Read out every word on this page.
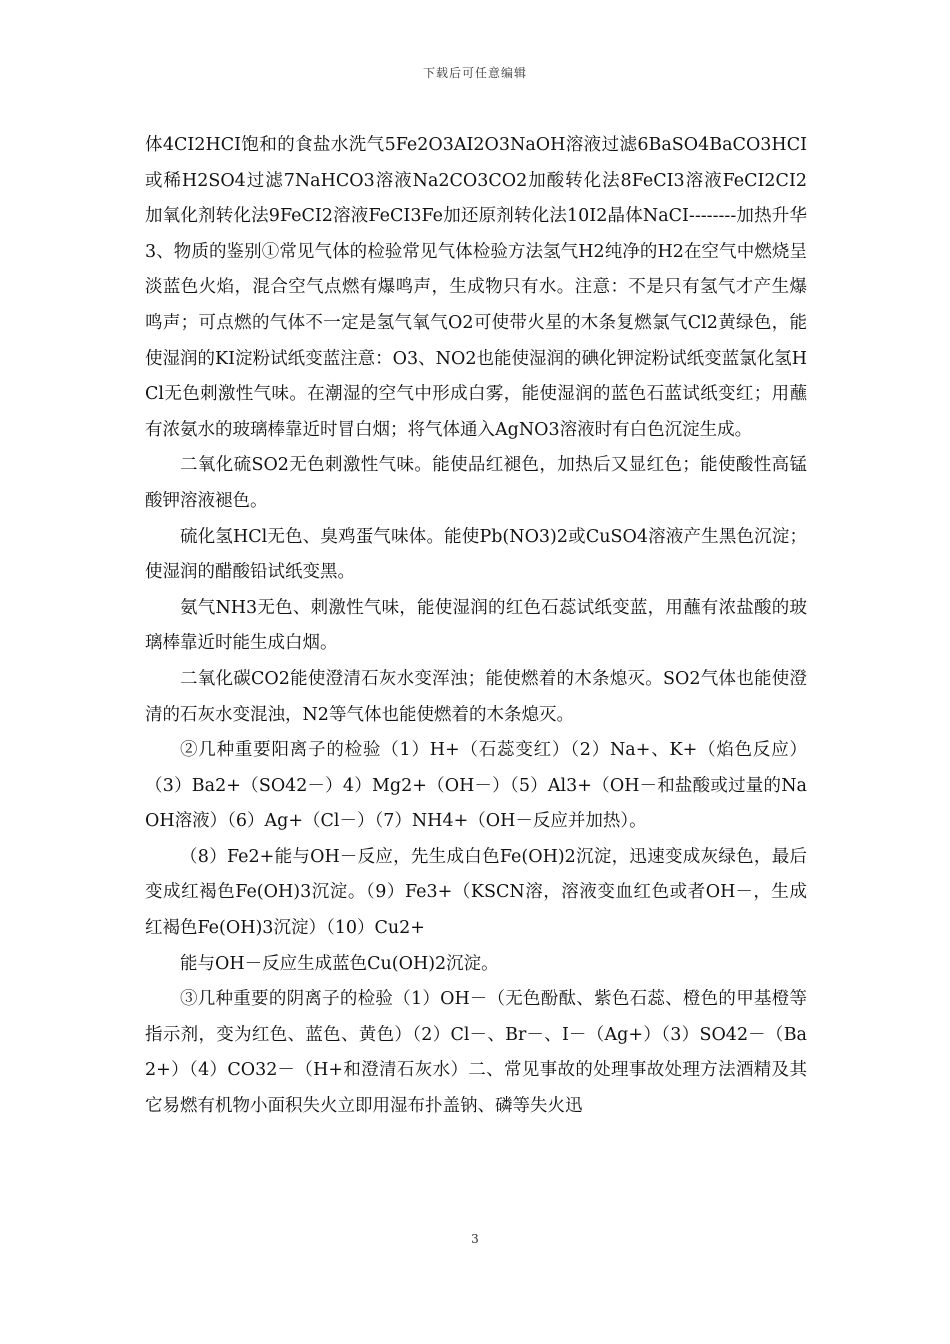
下载后可任意编辑

体4CI2HCI饱和的食盐水洗气5Fe2O3AI2O3NaOH溶液过滤6BaSO4BaCO3HCI或稀H2SO4过滤7NaHCO3溶液Na2CO3CO2加酸转化法8FeCI3溶液FeCI2CI2加氧化剂转化法9FeCI2溶液FeCI3Fe加还原剂转化法10I2晶体NaCI--------加热升华3、物质的鉴别①常见气体的检验常见气体检验方法氢气H2纯净的H2在空气中燃烧呈淡蓝色火焰，混合空气点燃有爆鸣声，生成物只有水。注意：不是只有氢气才产生爆鸣声；可点燃的气体不一定是氢气氧气O2可使带火星的木条复燃氯气Cl2黄绿色，能使湿润的KI淀粉试纸变蓝注意：O3、NO2也能使湿润的碘化钾淀粉试纸变蓝氯化氢HCl无色刺激性气味。在潮湿的空气中形成白雾，能使湿润的蓝色石蓝试纸变红；用蘸有浓氨水的玻璃棒靠近时冒白烟；将气体通入AgNO3溶液时有白色沉淀生成。

二氧化硫SO2无色刺激性气味。能使品红褪色，加热后又显红色；能使酸性高锰酸钾溶液褪色。

硫化氢HCl无色、臭鸡蛋气味体。能使Pb(NO3)2或CuSO4溶液产生黑色沉淀；使湿润的醋酸铅试纸变黑。

氨气NH3无色、刺激性气味，能使湿润的红色石蕊试纸变蓝，用蘸有浓盐酸的玻璃棒靠近时能生成白烟。

二氧化碳CO2能使澄清石灰水变浑浊；能使燃着的木条熄灭。SO2气体也能使澄清的石灰水变混浊，N2等气体也能使燃着的木条熄灭。

②几种重要阳离子的检验（1）H+（石蕊变红）（2）Na+、K+（焰色反应）（3）Ba2+（SO42－）4）Mg2+（OH－）（5）Al3+（OH－和盐酸或过量的NaOH溶液）（6）Ag+（Cl－）（7）NH4+（OH－反应并加热）。

（8）Fe2+能与OH－反应，先生成白色Fe(OH)2沉淀，迅速变成灰绿色，最后变成红褐色Fe(OH)3沉淀。（9）Fe3+（KSCN溶，溶液变血红色或者OH－，生成红褐色Fe(OH)3沉淀）（10）Cu2+

能与OH－反应生成蓝色Cu(OH)2沉淀。

③几种重要的阴离子的检验（1）OH－（无色酚酞、紫色石蕊、橙色的甲基橙等指示剂，变为红色、蓝色、黄色）（2）Cl－、Br－、I－（Ag+）（3）SO42－（Ba2+）（4）CO32－（H+和澄清石灰水）二、常见事故的处理事故处理方法酒精及其它易燃有机物小面积失火立即用湿布扑盖钠、磷等失火迅

3
